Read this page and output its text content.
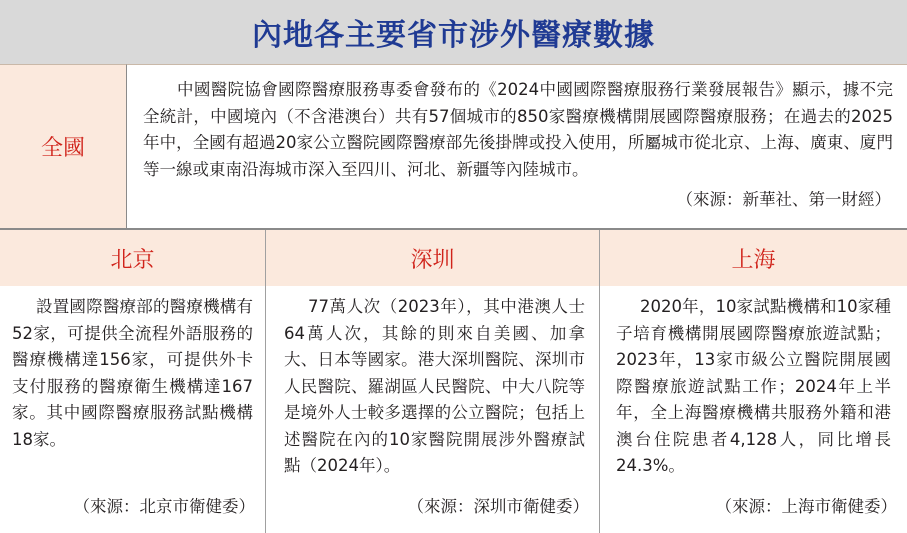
內地各主要省市涉外醫療數據
全國

中國醫院協會國際醫療服務專委會發布的《2024中國國際醫療服務行業發展報告》顯示，據不完全統計，中國境內（不含港澳台）共有57個城市的850家醫療機構開展國際醫療服務；在過去的2025年中，全國有超過20家公立醫院國際醫療部先後掛牌或投入使用，所屬城市從北京、上海、廣東、廈門等一線或東南沿海城市深入至四川、河北、新疆等內陸城市。

（來源：新華社、第一財經）
北京

設置國際醫療部的醫療機構有52家，可提供全流程外語服務的醫療機構達156家，可提供外卡支付服務的醫療衛生機構達167家。其中國際醫療服務試點機構18家。

（來源：北京市衛健委）
深圳

77萬人次（2023年），其中港澳人士64萬人次，其餘的則來自美國、加拿大、日本等國家。港大深圳醫院、深圳市人民醫院、羅湖區人民醫院、中大八院等是境外人士較多選擇的公立醫院；包括上述醫院在內的10家醫院開展涉外醫療試點（2024年）。

（來源：深圳市衛健委）
上海

2020年，10家試點機構和10家種子培育機構開展國際醫療旅遊試點；2023年，13家市級公立醫院開展國際醫療旅遊試點工作；2024年上半年，全上海醫療機構共服務外籍和港澳台住院患者4,128人，同比增長24.3%。

（來源：上海市衛健委）
